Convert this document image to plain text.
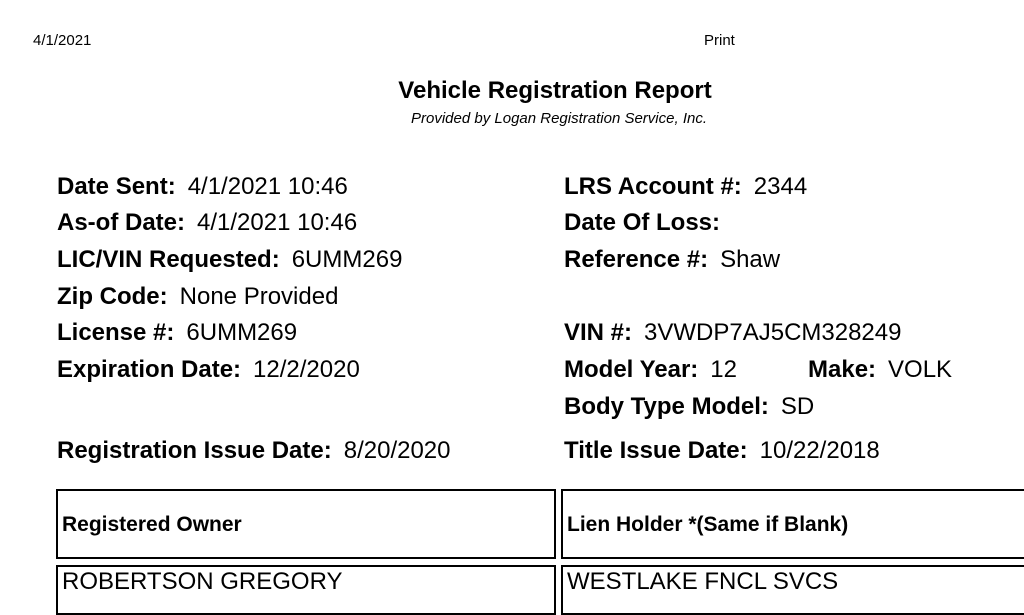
4/1/2021	Print
Vehicle Registration Report
Provided by Logan Registration Service, Inc.
Date Sent: 4/1/2021 10:46
As-of Date: 4/1/2021 10:46
LIC/VIN Requested: 6UMM269
Zip Code: None Provided
License #: 6UMM269
Expiration Date: 12/2/2020
Registration Issue Date: 8/20/2020
LRS Account #: 2344
Date Of Loss:
Reference #: Shaw
VIN #: 3VWDP7AJ5CM328249
Model Year: 12	Make: VOLK
Body Type Model: SD
Title Issue Date: 10/22/2018
Registered Owner	Lien Holder *(Same if Blank)
ROBERTSON GREGORY	WESTLAKE FNCL SVCS
